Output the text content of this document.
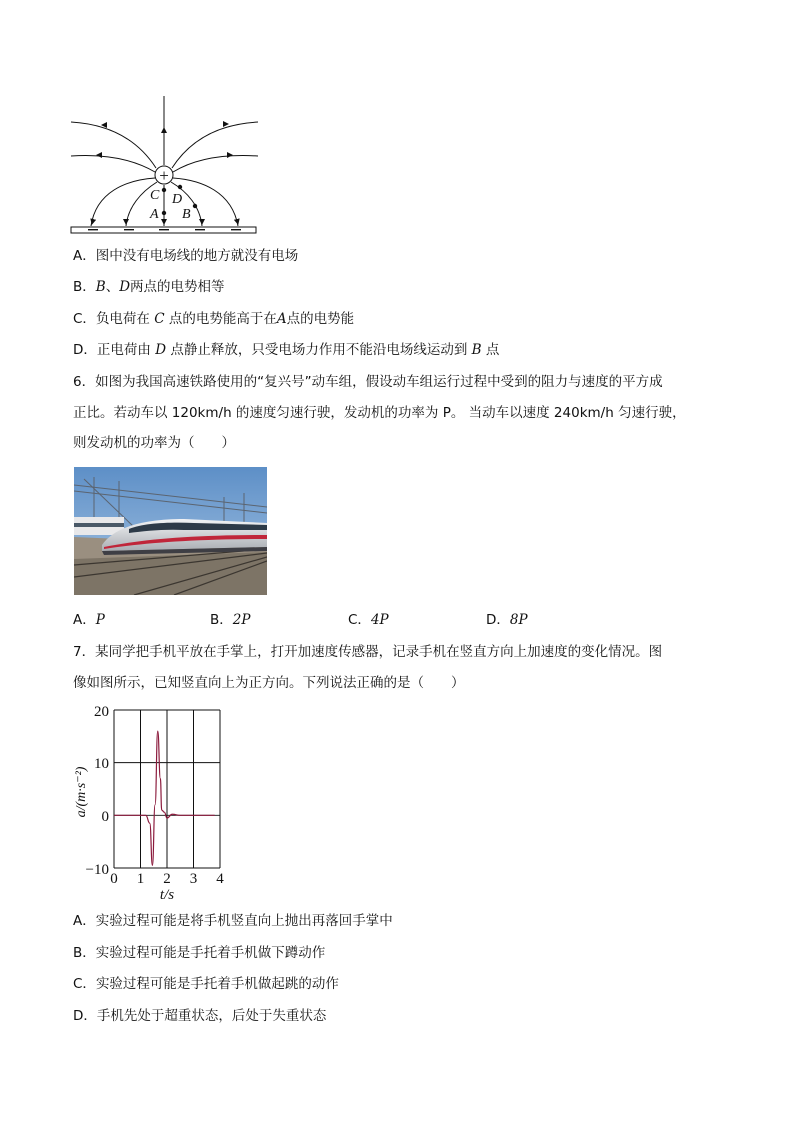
+
C D
A B
A．图中没有电场线的地方就没有电场
B．B、D两点的电势相等
C．负电荷在 C 点的电势能高于在A点的电势能
D．正电荷由 D 点静止释放，只受电场力作用不能沿电场线运动到 B 点
6．如图为我国高速铁路使用的“复兴号”动车组，假设动车组运行过程中受到的阻力与速度的平方成
正比。若动车以 120km/h 的速度匀速行驶，发动机的功率为 P。 当动车以速度 240km/h 匀速行驶，
则发动机的功率为（　　）
A．P	B．2P	C．4P	D．8P
7．某同学把手机平放在手掌上，打开加速度传感器，记录手机在竖直方向上加速度的变化情况。图
像如图所示，已知竖直向上为正方向。下列说法正确的是（　　）
0 1 2 3 4
20
10
0
−10
t/s
a/(m·s⁻²)
A．实验过程可能是将手机竖直向上抛出再落回手掌中
B．实验过程可能是手托着手机做下蹲动作
C．实验过程可能是手托着手机做起跳的动作
D．手机先处于超重状态，后处于失重状态
